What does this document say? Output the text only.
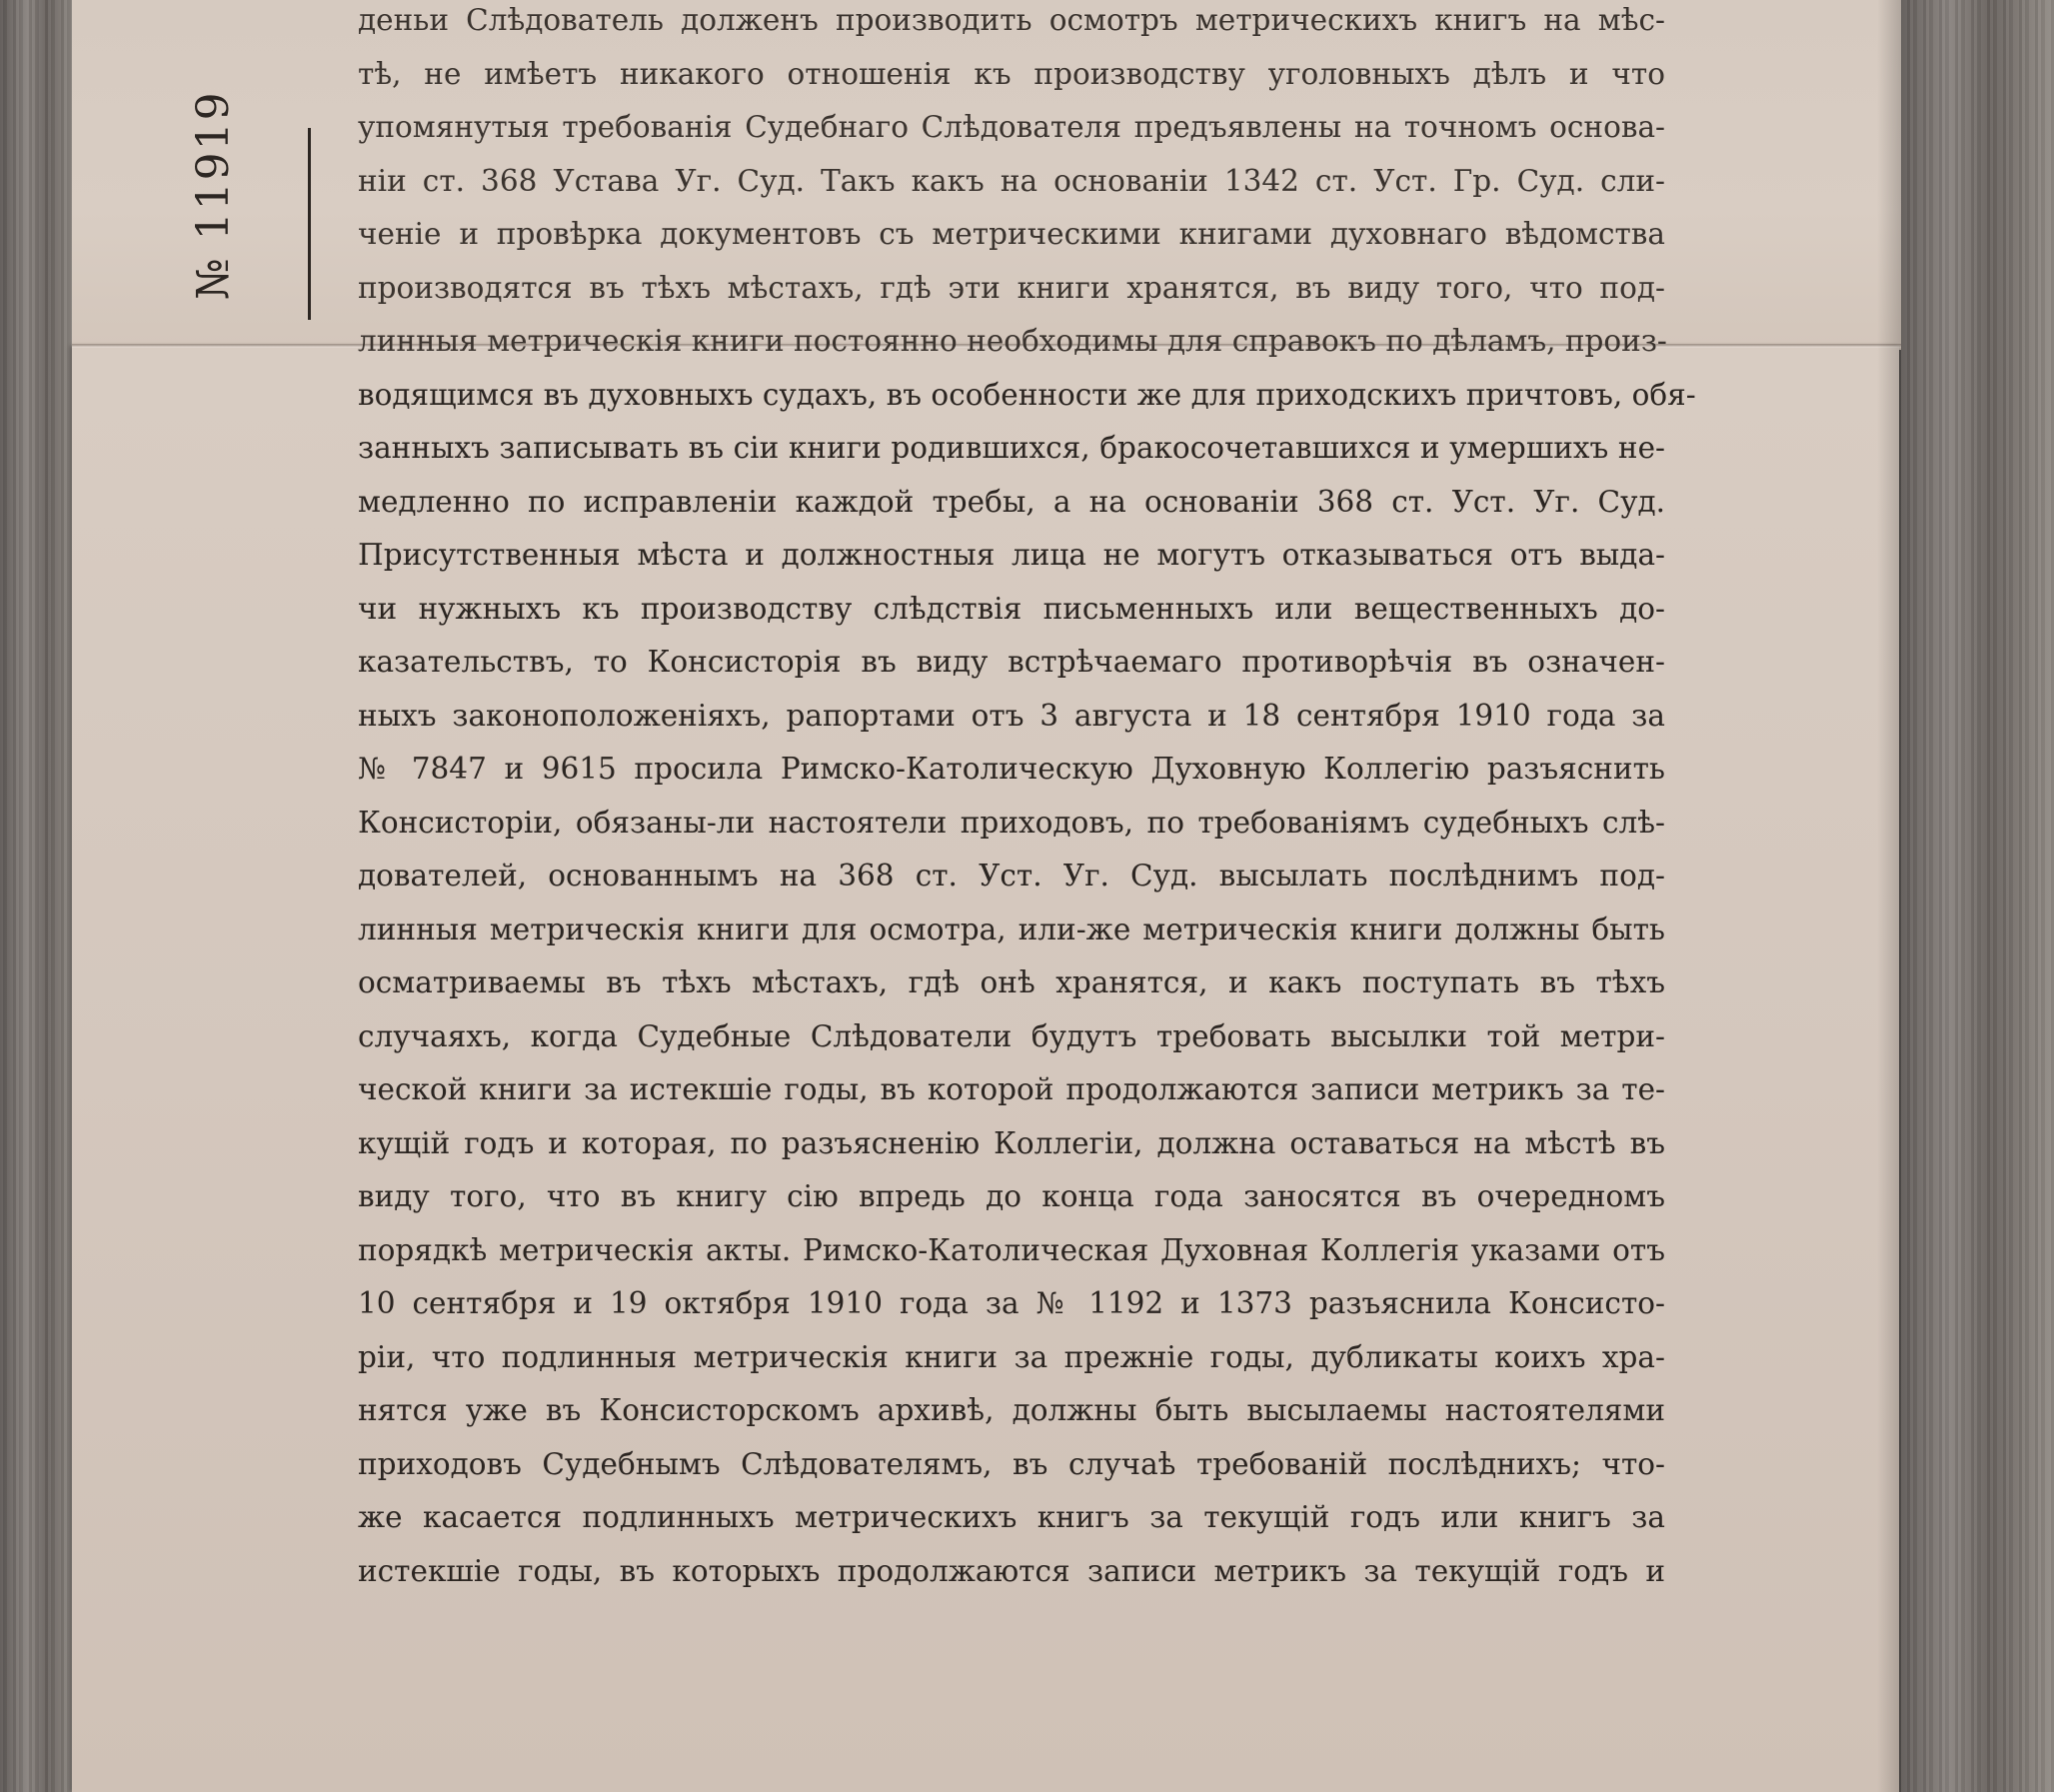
№ 11919
деньи Слѣдователь долженъ производить осмотръ метрическихъ книгъ на мѣс-
тѣ, не имѣетъ никакого отношенія къ производству уголовныхъ дѣлъ и что
упомянутыя требованія Судебнаго Слѣдователя предъявлены на точномъ основа-
ніи ст. 368 Устава Уг. Суд. Такъ какъ на основаніи 1342 ст. Уст. Гр. Суд. сли-
ченіе и провѣрка документовъ съ метрическими книгами духовнаго вѣдомства
производятся въ тѣхъ мѣстахъ, гдѣ эти книги хранятся, въ виду того, что под-
линныя метрическія книги постоянно необходимы для справокъ по дѣламъ, произ-
водящимся въ духовныхъ судахъ, въ особенности же для приходскихъ причтовъ, обя-
занныхъ записывать въ сіи книги родившихся, бракосочетавшихся и умершихъ не-
медленно по исправленіи каждой требы, а на основаніи 368 ст. Уст. Уг. Суд.
Присутственныя мѣста и должностныя лица не могутъ отказываться отъ выда-
чи нужныхъ къ производству слѣдствія письменныхъ или вещественныхъ до-
казательствъ, то Консисторія въ виду встрѣчаемаго противорѣчія въ означен-
ныхъ законоположеніяхъ, рапортами отъ 3 августа и 18 сентября 1910 года за
№ 7847 и 9615 просила Римско-Католическую Духовную Коллегію разъяснить
Консисторіи, обязаны-ли настоятели приходовъ, по требованіямъ судебныхъ слѣ-
дователей, основаннымъ на 368 ст. Уст. Уг. Суд. высылать послѣднимъ под-
линныя метрическія книги для осмотра, или-же метрическія книги должны быть
осматриваемы въ тѣхъ мѣстахъ, гдѣ онѣ хранятся, и какъ поступать въ тѣхъ
случаяхъ, когда Судебные Слѣдователи будутъ требовать высылки той метри-
ческой книги за истекшіе годы, въ которой продолжаются записи метрикъ за те-
кущій годъ и которая, по разъясненію Коллегіи, должна оставаться на мѣстѣ въ
виду того, что въ книгу сію впредь до конца года заносятся въ очередномъ
порядкѣ метрическія акты. Римско-Католическая Духовная Коллегія указами отъ
10 сентября и 19 октября 1910 года за № 1192 и 1373 разъяснила Консисто-
ріи, что подлинныя метрическія книги за прежніе годы, дубликаты коихъ хра-
нятся уже въ Консисторскомъ архивѣ, должны быть высылаемы настоятелями
приходовъ Судебнымъ Слѣдователямъ, въ случаѣ требованій послѣднихъ; что-
же касается подлинныхъ метрическихъ книгъ за текущій годъ или книгъ за
истекшіе годы, въ которыхъ продолжаются записи метрикъ за текущій годъ и
